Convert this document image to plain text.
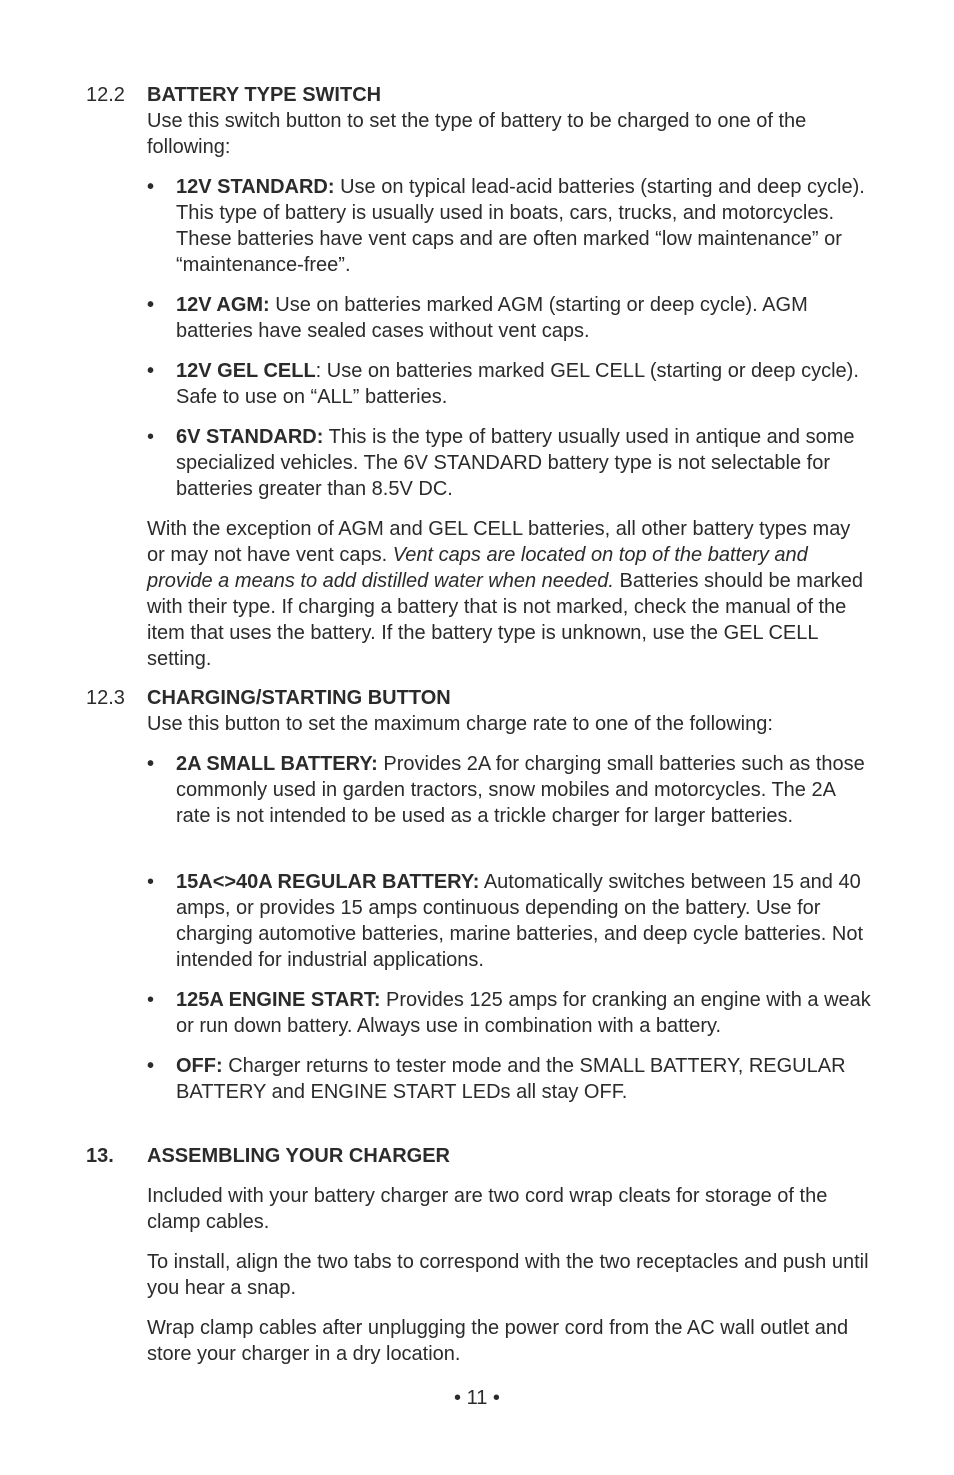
12.2 BATTERY TYPE SWITCH

Use this switch button to set the type of battery to be charged to one of the following:

• 12V STANDARD: Use on typical lead-acid batteries (starting and deep cycle). This type of battery is usually used in boats, cars, trucks, and motorcycles. These batteries have vent caps and are often marked “low maintenance” or “maintenance-free”.
• 12V AGM: Use on batteries marked AGM (starting or deep cycle). AGM batteries have sealed cases without vent caps.
• 12V GEL CELL: Use on batteries marked GEL CELL (starting or deep cycle). Safe to use on “ALL” batteries.
• 6V STANDARD: This is the type of battery usually used in antique and some specialized vehicles. The 6V STANDARD battery type is not selectable for batteries greater than 8.5V DC.

With the exception of AGM and GEL CELL batteries, all other battery types may or may not have vent caps. Vent caps are located on top of the battery and provide a means to add distilled water when needed. Batteries should be marked with their type. If charging a battery that is not marked, check the manual of the item that uses the battery. If the battery type is unknown, use the GEL CELL setting.

12.3 CHARGING/STARTING BUTTON

Use this button to set the maximum charge rate to one of the following:

• 2A SMALL BATTERY: Provides 2A for charging small batteries such as those commonly used in garden tractors, snow mobiles and motorcycles. The 2A rate is not intended to be used as a trickle charger for larger batteries.
• 15A<>40A REGULAR BATTERY: Automatically switches between 15 and 40 amps, or provides 15 amps continuous depending on the battery. Use for charging automotive batteries, marine batteries, and deep cycle batteries. Not intended for industrial applications.
• 125A ENGINE START: Provides 125 amps for cranking an engine with a weak or run down battery. Always use in combination with a battery.
• OFF: Charger returns to tester mode and the SMALL BATTERY, REGULAR BATTERY and ENGINE START LEDs all stay OFF.
13. ASSEMBLING YOUR CHARGER

Included with your battery charger are two cord wrap cleats for storage of the clamp cables.

To install, align the two tabs to correspond with the two receptacles and push until you hear a snap.

Wrap clamp cables after unplugging the power cord from the AC wall outlet and store your charger in a dry location.

• 11 •
